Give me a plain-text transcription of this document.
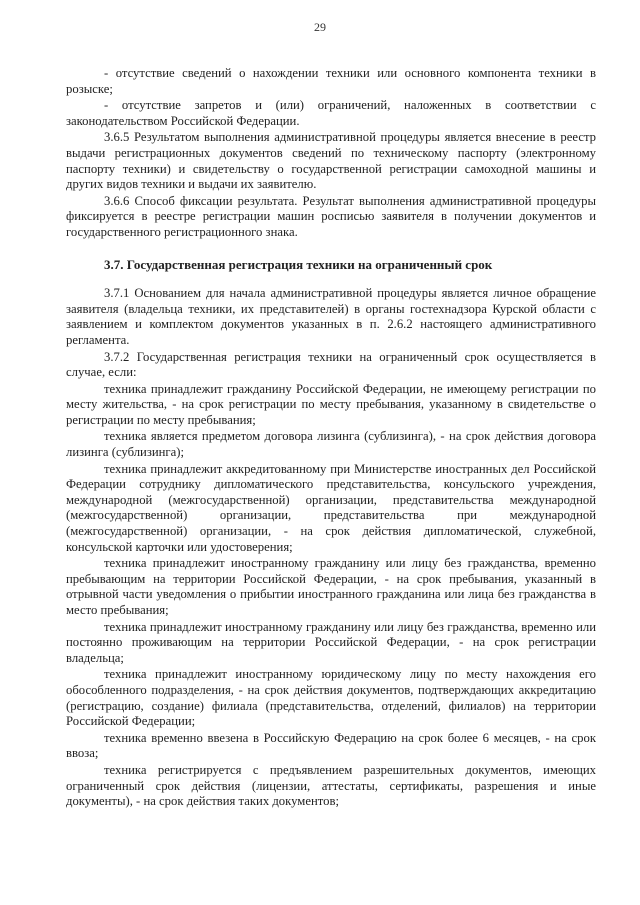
29

- отсутствие сведений о нахождении техники или основного компонента техники в розыске;

- отсутствие запретов и (или) ограничений, наложенных в соответствии с законодательством Российской Федерации.

3.6.5 Результатом выполнения административной процедуры является внесение в реестр выдачи регистрационных документов сведений по техническому паспорту (электронному паспорту техники) и свидетельству о государственной регистрации самоходной машины и других видов техники и выдачи их заявителю.

3.6.6 Способ фиксации результата. Результат выполнения административной процедуры фиксируется в реестре регистрации машин росписью заявителя в получении документов и государственного регистрационного знака.

3.7. Государственная регистрация техники на ограниченный срок

3.7.1 Основанием для начала административной процедуры является личное обращение заявителя (владельца техники, их представителей) в органы гостехнадзора Курской области с заявлением и комплектом документов указанных в п. 2.6.2 настоящего административного регламента.

3.7.2 Государственная регистрация техники на ограниченный срок осуществляется в случае, если:

техника принадлежит гражданину Российской Федерации, не имеющему регистрации по месту жительства, - на срок регистрации по месту пребывания, указанному в свидетельстве о регистрации по месту пребывания;

техника является предметом договора лизинга (сублизинга), - на срок действия договора лизинга (сублизинга);

техника принадлежит аккредитованному при Министерстве иностранных дел Российской Федерации сотруднику дипломатического представительства, консульского учреждения, международной (межгосударственной) организации, представительства международной (межгосударственной) организации, представительства при международной (межгосударственной) организации, - на срок действия дипломатической, служебной, консульской карточки или удостоверения;

техника принадлежит иностранному гражданину или лицу без гражданства, временно пребывающим на территории Российской Федерации, - на срок пребывания, указанный в отрывной части уведомления о прибытии иностранного гражданина или лица без гражданства в место пребывания;

техника принадлежит иностранному гражданину или лицу без гражданства, временно или постоянно проживающим на территории Российской Федерации, - на срок регистрации владельца;

техника принадлежит иностранному юридическому лицу по месту нахождения его обособленного подразделения, - на срок действия документов, подтверждающих аккредитацию (регистрацию, создание) филиала (представительства, отделений, филиалов) на территории Российской Федерации;

техника временно ввезена в Российскую Федерацию на срок более 6 месяцев, - на срок ввоза;

техника регистрируется с предъявлением разрешительных документов, имеющих ограниченный срок действия (лицензии, аттестаты, сертификаты, разрешения и иные документы), - на срок действия таких документов;
